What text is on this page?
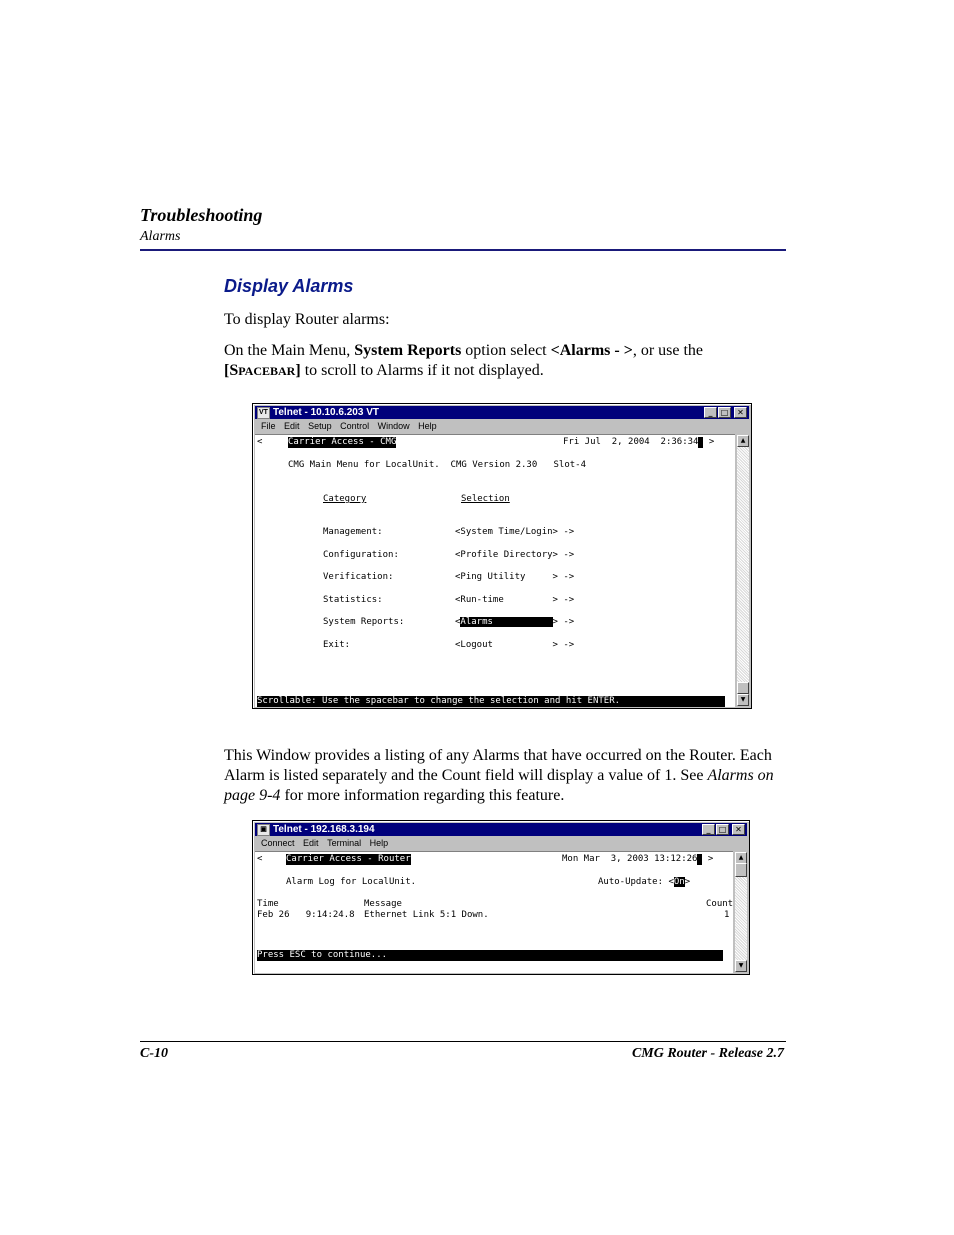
Troubleshooting
Alarms
Display Alarms
To display Router alarms:
On the Main Menu, System Reports option select <Alarms - >, or use the
[SPACEBAR] to scroll to Alarms if it not displayed.
VT Telnet - 10.10.6.203 VT	_	□	✕
File Edit Setup Control Window Help
<	Carrier Access - CMG	Fri Jul  2, 2004  2:36:34  >
CMG Main Menu for LocalUnit.  CMG Version 2.30   Slot-4
Category	Selection
Management:	<System Time/Login> ->
Configuration:	<Profile Directory> ->
Verification:	<Ping Utility     > ->
Statistics:	<Run-time         > ->
System Reports:	<Alarms           > ->
Exit:	<Logout           > ->
Scrollable: Use the spacebar to change the selection and hit ENTER.
▲
▼
This Window provides a listing of any Alarms that have occurred on the Router. Each Alarm is listed separately and the Count field will display a value of 1. See Alarms on page 9-4 for more information regarding this feature.
▣ Telnet - 192.168.3.194	_	□	✕
Connect Edit Terminal Help
<	Carrier Access - Router	Mon Mar  3, 2003 13:12:26  >
Alarm Log for LocalUnit.	Auto-Update: <On>
Time	Message	Count
Feb 26   9:14:24.8 Ethernet Link 5:1 Down.	1
Press ESC to continue...
▲
▼
C-10	CMG Router - Release 2.7
